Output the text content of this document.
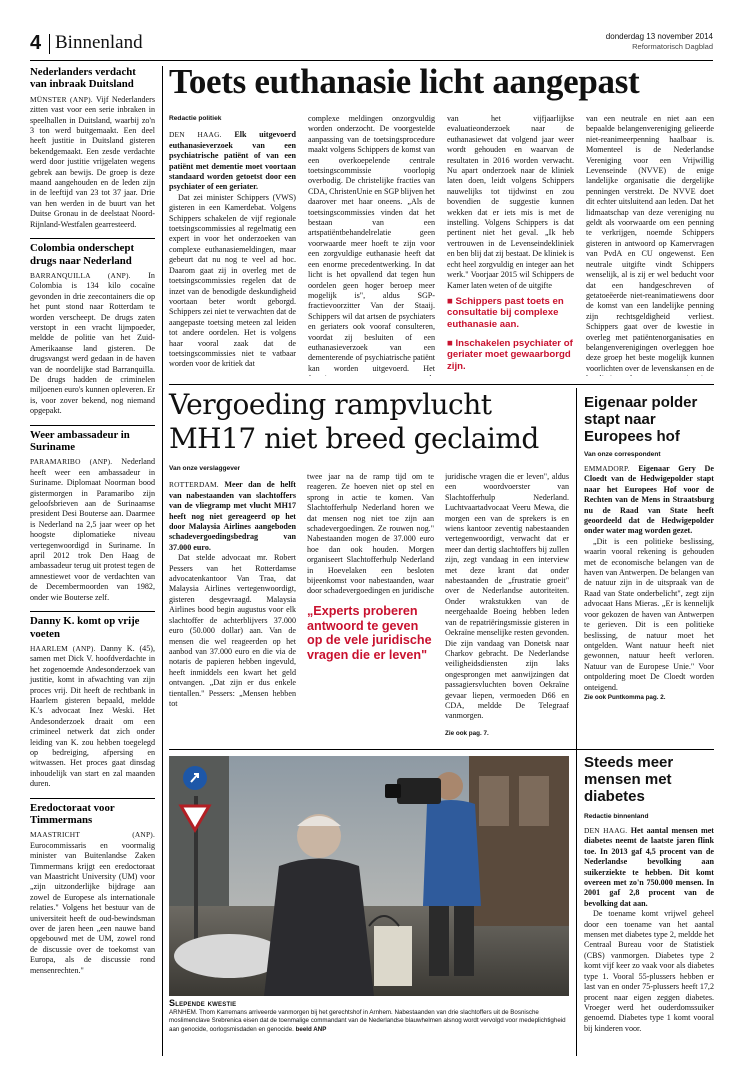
4 Binnenland	donderdag 13 november 2014
Reformatorisch Dagblad
Nederlanders verdacht van inbraak Duitsland
MÜNSTER (ANP). Vijf Nederlanders zitten vast voor een serie inbraken in speelhallen in Duitsland, waarbij zo'n 3 ton werd buitgemaakt. Een deel heeft justitie in Duitsland gisteren bekendgemaakt. Een zesde verdachte werd door justitie vrijgelaten wegens gebrek aan bewijs. De groep is deze maand aangehouden en de leden zijn in de leeftijd van 23 tot 37 jaar. Drie van hen werden in de buurt van het Duitse Gronau in de deelstaat Noord-Rijnland-Westfalen gearresteerd.
Colombia onderschept drugs naar Nederland
BARRANQUILLA (ANP). In Colombia is 134 kilo cocaïne gevonden in drie zeecontainers die op het punt stond naar Rotterdam te worden verscheept. De drugs zaten verstopt in een vracht lijmpoeder, meldde de politie van het Zuid-Amerikaanse land gisteren. De drugsvangst werd gedaan in de haven van de noordelijke stad Barranquilla. De drugs hadden de criminelen miljoenen euro's kunnen opleveren. Er is, voor zover bekend, nog niemand opgepakt.
Weer ambassadeur in Suriname
PARAMARIBO (ANP). Nederland heeft weer een ambassadeur in Suriname. Diplomaat Noorman bood gistermorgen in Paramaribo zijn geloofsbrieven aan de Surinaamse president Desi Bouterse aan. Daarmee is Nederland na 2,5 jaar weer op het hoogste diplomatieke niveau vertegenwoordigd in Suriname. In april 2012 trok Den Haag de ambassadeur terug uit protest tegen de amnestiewet voor de verdachten van de Decembermoorden van 1982, onder wie Bouterse zelf.
Danny K. komt op vrije voeten
HAARLEM (ANP). Danny K. (45), samen met Dick V. hoofdverdachte in het zogenoemde Andesonderzoek van justitie, komt in afwachting van zijn proces vrij. Dit heeft de rechtbank in Haarlem gisteren bepaald, meldde K.'s advocaat Inez Weski. Het Andesonderzoek draait om een crimineel netwerk dat zich onder leiding van K. zou hebben toegelegd op bedreiging, afpersing en witwassen. Het proces gaat dinsdag inhoudelijk van start en zal maanden duren.
Eredoctoraat voor Timmermans
MAASTRICHT (ANP). Eurocommissaris en voormalig minister van Buitenlandse Zaken Timmermans krijgt een eredoctoraat van Maastricht University (UM) voor „zijn uitzonderlijke bijdrage aan zowel de Europese als internationale relaties." Volgens het bestuur van de universiteit heeft de oud-bewindsman over de jaren heen „een nauwe band opgebouwd met de UM, zowel rond de discussie over de toekomst van Europa, als de discussie rond mensenrechten."
Toets euthanasie licht aangepast
Redactie politiek

DEN HAAG. Elk uitgevoerd euthanasieverzoek van een psychiatrische patiënt of van een patiënt met dementie moet voortaan standaard worden getoetst door een psychiater of een geriater.

Dat zei minister Schippers (VWS) gisteren in een Kamerdebat. Volgens Schippers schakelen de vijf regionale toetsingscommissies al regelmatig een expert in voor het onderzoeken van complexe euthanasiemeldingen, maar gebeurt dat nu nog te veel ad hoc. Daarom gaat zij in overleg met de toetsingscommissies regelen dat de inzet van de benodigde deskundigheid voortaan beter wordt geborgd. Schippers zei niet te verwachten dat de aangepaste toetsing meteen zal leiden tot andere oordelen. Het is volgens haar vooral zaak dat de toetsingscommissies niet te vatbaar worden voor de kritiek dat

complexe meldingen onzorgvuldig worden onderzocht. De voorgestelde aanpassing van de toetsingsprocedure maakt volgens Schippers de komst van een overkoepelende centrale toetsingscommissie voorlopig overbodig. De christelijke fracties van CDA, ChristenUnie en SGP blijven het daarover met haar oneens. „Als de toetsingscommissies vinden dat het bestaan van een artspatiëntbehandelrelatie geen voorwaarde meer hoeft te zijn voor een zorgvuldige euthanasie heeft dat een enorme precedentwerking. In dat licht is het opvallend dat tegen hun oordelen geen hoger beroep meer mogelijk is", aldus SGP-fractievoorzitter Van der Staaij. Schippers wil dat artsen de psychiaters en geriaters ook vooraf consulteren, voordat zij besluiten of een euthanasieverzoek van een dementerende of psychiatrische patiënt kan worden uitgevoerd. Het

van het vijfjaarlijkse evaluatieonderzoek naar de euthanasiewet dat volgend jaar weer wordt gehouden en waarvan de resultaten in 2016 worden verwacht. Nu apart onderzoek naar de kliniek laten doen, leidt volgens Schippers nauwelijks tot tijdwinst en zou bovendien de suggestie kunnen wekken dat er iets mis is met de instelling. Volgens Schippers is dat pertinent niet het geval. „Ik heb vertrouwen in de Levenseindekliniek en ben blij dat zij bestaat. De kliniek is echt heel zorgvuldig en integer aan het werk." Voorjaar 2015 wil Schippers de Kamer laten weten of de uitgifte

■ Schippers past toets en consultatie bij complexe euthanasie aan.
■ Inschakelen psychiater of geriater moet gewaarborgd zijn.

van een neutrale en niet aan een bepaalde belangenvereniging gelieerde niet-reanimeerpenning haalbaar is. Momenteel is de Nederlandse Vereniging voor een Vrijwillig Levenseinde (NVVE) de enige landelijke organisatie die dergelijke penningen verstrekt. De NVVE doet dit echter uitsluitend aan leden. Dat het lidmaatschap van deze vereniging nu geldt als voorwaarde om een penning te verkrijgen, noemde Schippers gisteren in antwoord op Kamervragen van PvdA en CU ongewenst. Een neutrale uitgifte vindt Schippers wenselijk, al is zij er wel beducht voor dat een handgeschreven of getatoeëerde niet-reanimatiewens door de komst van een landelijke penning zijn rechtsgeldigheid verliest. Schippers gaat over de kwestie in overleg met patiëntenorganisaties en belangenverenigingen overleggen hoe deze groep het beste mogelijk kunnen voorlichten over de levenskansen en de

Vergoeding rampvlucht
MH17 niet breed geclaimd
Van onze verslaggever

ROTTERDAM. Meer dan de helft van nabestaanden van slachtoffers van de vliegramp met vlucht MH17 heeft nog niet gereageerd op het door Malaysia Airlines aangeboden schadevergoedingsbedrag van 37.000 euro.

Dat stelde advocaat mr. Robert Pessers van het Rotterdamse advocatenkantoor Van Traa, dat Malaysia Airlines vertegenwoordigt, gisteren desgevraagd. Malaysia Airlines bood begin augustus voor elk slachtoffer de achterblijvers 37.000 euro (50.000 dollar) aan. Van de mensen die wel reageerden op het aanbod van 37.000 euro en die via de notaris de papieren hebben ingevuld, heeft inmiddels een kwart het geld ontvangen. „Dat zijn er dus enkele tientallen." Pessers: „Mensen hebben tot

twee jaar na de ramp tijd om te reageren. Ze hoeven niet op stel en sprong in actie te komen. Van Slachtofferhulp Nederland horen we dat mensen nog niet toe zijn aan schadevergoedingen. Ze rouwen nog." Nabestaanden mogen de 37.000 euro hoe dan ook houden. Morgen organiseert Slachtofferhulp Nederland in Hoevelaken een besloten bijeenkomst voor nabestaanden, waar door schadevergoedingen en juridische

„Experts proberen antwoord te geven op de vele juridische vragen die er leven"

juridische vragen die er leven", aldus een woordvoerster van Slachtofferhulp Nederland. Luchtvaartadvocaat Veeru Mewa, die morgen een van de sprekers is en wiens kantoor zeventig nabestaanden vertegenwoordigt, verwacht dat er meer dan dertig slachtoffers bij zullen zijn, zegt vandaag in een interview met deze krant dat onder nabestaanden de „frustratie groeit" over de Nederlandse autoriteiten. Onder wrakstukken van de neergehaalde Boeing hebben leden van de repatriëringsmissie gisteren in Oekraïne menselijke resten gevonden. Die zijn vandaag van Donetsk naar Charkov gebracht. De Nederlandse veiligheidsdiensten zijn laks ongesprongen met aanwijzingen dat passagiersvluchten boven Oekraïne gevaar liepen, vermoeden D66 en CDA, meldde De Telegraaf vanmorgen.

Zie ook pag. 7.
Eigenaar polder stapt naar Europees hof
Van onze correspondent

EMMADORP. Eigenaar Gery De Cloedt van de Hedwigepolder stapt naar het Europees Hof voor de Rechten van de Mens in Straatsburg nu de Raad van State heeft geoordeeld dat de Hedwigepolder onder water mag worden gezet.

„Dit is een politieke beslissing, waarin vooral rekening is gehouden met de economische belangen van de haven van Antwerpen. De belangen van de natuur zijn in de uitspraak van de Raad van State onderbelicht", zegt zijn advocaat Hans Mieras. „Er is kennelijk voor gekozen de haven van Antwerpen te gerieven. Dit is een politieke beslissing, de natuur moet het ontgelden. Want natuur heeft niet gewonnen, natuur heeft verloren. Natuur van de Europese Unie." Voor ontpoldering moet De Cloedt worden onteigend.

Zie ook Puntkomma pag. 2.
Slepende kwestie
ARNHEM. Thom Karremans arriveerde vanmorgen bij het gerechtshof in Arnhem. Nabestaanden van drie slachtoffers uit de Bosnische moslimenclave Srebrenica eisen dat de toenmalige commandant van de Nederlandse blauwhelmen alsnog wordt vervolgd voor medeplichtigheid aan genocide, oorlogsmisdaden en genocide. beeld ANP
Steeds meer mensen met diabetes
Redactie binnenland

DEN HAAG. Het aantal mensen met diabetes neemt de laatste jaren flink toe. In 2013 gaf 4,5 procent van de Nederlandse bevolking aan suikerziekte te hebben. Dit komt overeen met zo'n 750.000 mensen. In 2001 gaf 2,8 procent van de bevolking dat aan.

De toename komt vrijwel geheel door een toename van het aantal mensen met diabetes type 2, meldde het Centraal Bureau voor de Statistiek (CBS) vanmorgen. Diabetes type 2 komt vijf keer zo vaak voor als diabetes type 1. Vooral 55-plussers hebben er last van en onder 75-plussers heeft 17,2 procent naar eigen zeggen diabetes. Vroeger werd het ouderdomssuiker genoemd. Diabetes type 1 komt vooral bij kinderen voor.
